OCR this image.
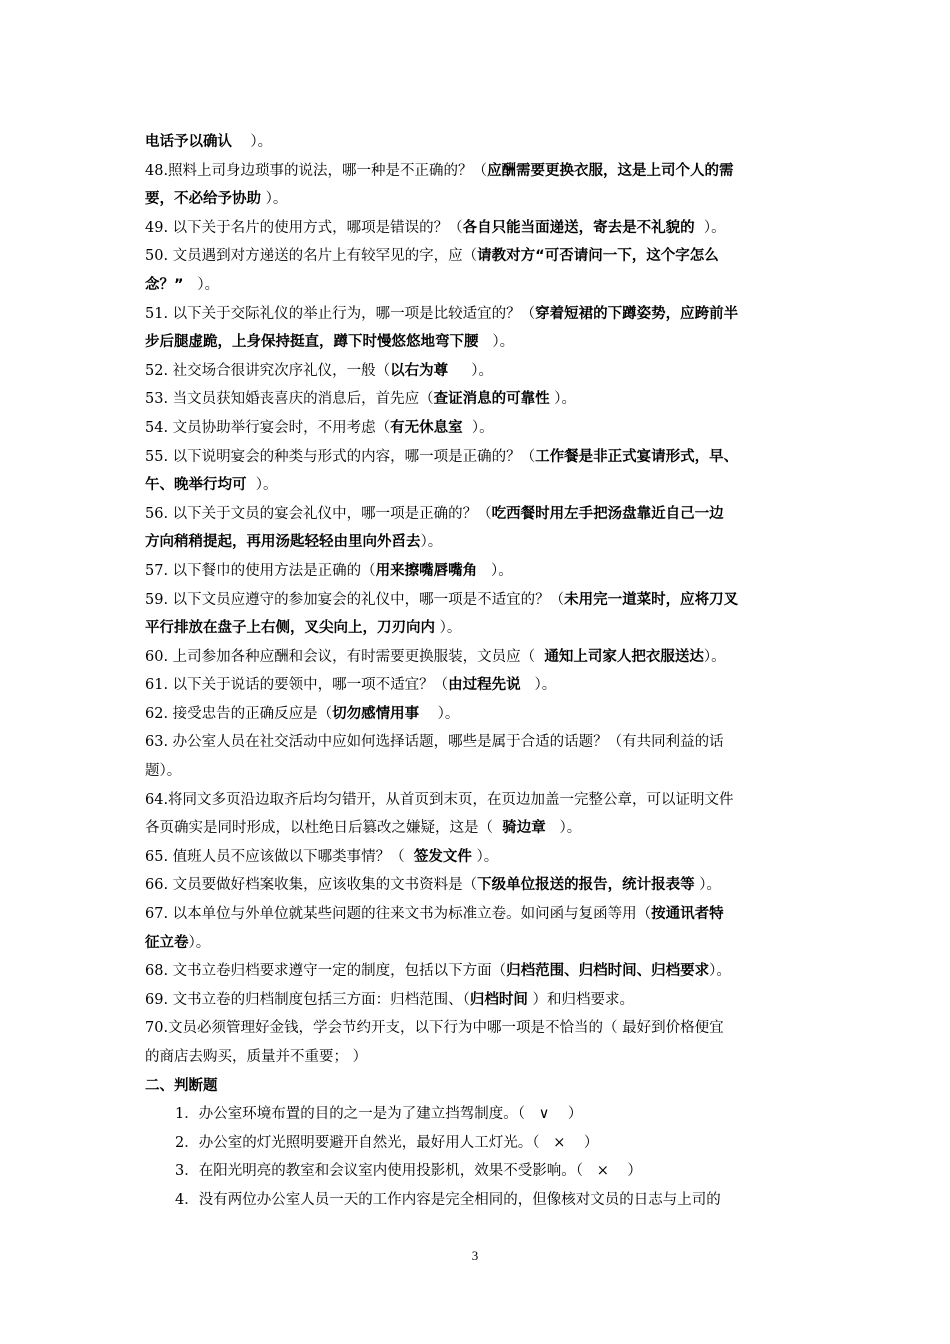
电话予以确认    ）。
48.照料上司身边琐事的说法，哪一种是不正确的？（应酬需要更换衣服，这是上司个人的需
要，不必给予协助 ）。
49. 以下关于名片的使用方式，哪项是错误的？（各自只能当面递送，寄去是不礼貌的  ）。
50. 文员遇到对方递送的名片上有较罕见的字，应（请教对方“可否请问一下，这个字怎么
念？”   ）。
51. 以下关于交际礼仪的举止行为，哪一项是比较适宜的？（穿着短裙的下蹲姿势，应跨前半
步后腿虚跪，上身保持挺直，蹲下时慢悠悠地弯下腰   ）。
52. 社交场合很讲究次序礼仪，一般（以右为尊     ）。
53. 当文员获知婚丧喜庆的消息后，首先应（查证消息的可靠性 ）。
54. 文员协助举行宴会时，不用考虑（有无休息室  ）。
55. 以下说明宴会的种类与形式的内容，哪一项是正确的？（工作餐是非正式宴请形式，早、
午、晚举行均可  ）。
56. 以下关于文员的宴会礼仪中，哪一项是正确的？（吃西餐时用左手把汤盘靠近自己一边
方向稍稍提起，再用汤匙轻轻由里向外舀去）。
57. 以下餐巾的使用方法是正确的（用来擦嘴唇嘴角   ）。
59. 以下文员应遵守的参加宴会的礼仪中，哪一项是不适宜的？（未用完一道菜时，应将刀叉
平行排放在盘子上右侧，叉尖向上，刀刃向内 ）。
60. 上司参加各种应酬和会议，有时需要更换服装，文员应（  通知上司家人把衣服送达）。
61. 以下关于说话的要领中，哪一项不适宜？（由过程先说   ）。
62. 接受忠告的正确反应是（切勿感情用事    ）。
63. 办公室人员在社交活动中应如何选择话题，哪些是属于合适的话题？（有共同利益的话
题）。
64.将同文多页沿边取齐后均匀错开，从首页到末页，在页边加盖一完整公章，可以证明文件
各页确实是同时形成，以杜绝日后篡改之嫌疑，这是（  骑边章   ）。
65. 值班人员不应该做以下哪类事情？（  签发文件 ）。
66. 文员要做好档案收集，应该收集的文书资料是（下级单位报送的报告，统计报表等 ）。
67. 以本单位与外单位就某些问题的往来文书为标准立卷。如问函与复函等用（按通讯者特
征立卷）。
68. 文书立卷归档要求遵守一定的制度，包括以下方面（归档范围、归档时间、归档要求）。
69. 文书立卷的归档制度包括三方面：归档范围、（归档时间 ）和归档要求。
70.文员必须管理好金钱，学会节约开支，以下行为中哪一项是不恰当的（ 最好到价格便宜
的商店去购买，质量并不重要； ）
二、判断题
1．办公室环境布置的目的之一是为了建立挡驾制度。（   ∨    ）
2．办公室的灯光照明要避开自然光，最好用人工灯光。（   ×    ）
3．在阳光明亮的教室和会议室内使用投影机，效果不受影响。（   ×    ）
4．没有两位办公室人员一天的工作内容是完全相同的，但像核对文员的日志与上司的
3
